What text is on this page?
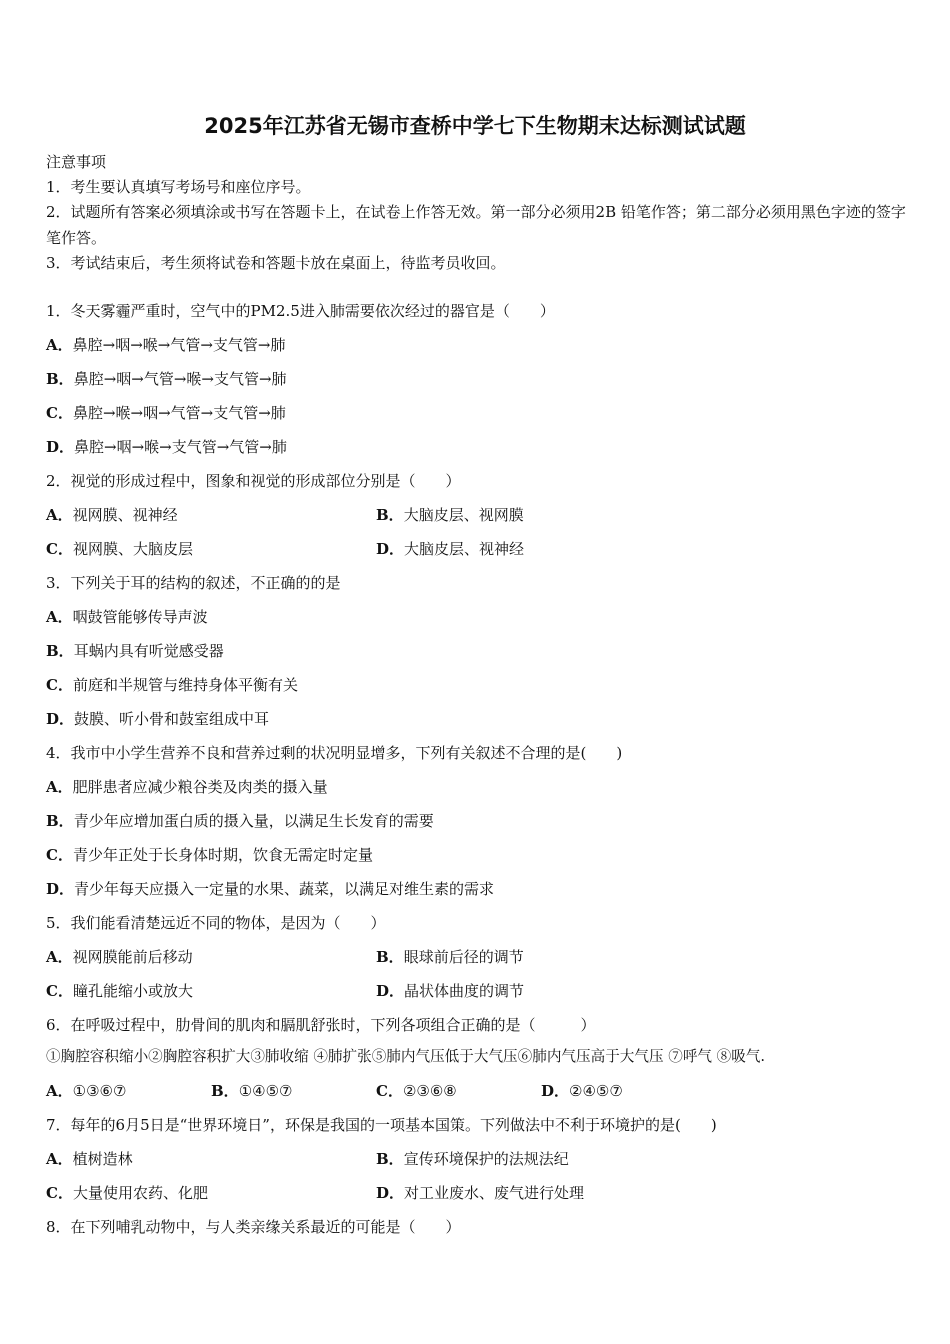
2025年江苏省无锡市查桥中学七下生物期末达标测试试题
注意事项
1．考生要认真填写考场号和座位序号。
2．试题所有答案必须填涂或书写在答题卡上，在试卷上作答无效。第一部分必须用2B 铅笔作答；第二部分必须用黑色字迹的签字笔作答。
3．考试结束后，考生须将试卷和答题卡放在桌面上，待监考员收回。
1．冬天雾霾严重时，空气中的PM2.5进入肺需要依次经过的器官是（　　）
A．鼻腔→咽→喉→气管→支气管→肺
B．鼻腔→咽→气管→喉→支气管→肺
C．鼻腔→喉→咽→气管→支气管→肺
D．鼻腔→咽→喉→支气管→气管→肺
2．视觉的形成过程中，图象和视觉的形成部位分别是（　　）
A．视网膜、视神经	B．大脑皮层、视网膜
C．视网膜、大脑皮层	D．大脑皮层、视神经
3．下列关于耳的结构的叙述，不正确的的是
A．咽鼓管能够传导声波
B．耳蜗内具有听觉感受器
C．前庭和半规管与维持身体平衡有关
D．鼓膜、听小骨和鼓室组成中耳
4．我市中小学生营养不良和营养过剩的状况明显增多，下列有关叙述不合理的是(　　)
A．肥胖患者应减少粮谷类及肉类的摄入量
B．青少年应增加蛋白质的摄入量，以满足生长发育的需要
C．青少年正处于长身体时期，饮食无需定时定量
D．青少年每天应摄入一定量的水果、蔬菜，以满足对维生素的需求
5．我们能看清楚远近不同的物体，是因为（　　）
A．视网膜能前后移动	B．眼球前后径的调节
C．瞳孔能缩小或放大	D．晶状体曲度的调节
6．在呼吸过程中，肋骨间的肌肉和膈肌舒张时，下列各项组合正确的是（　　　）
①胸腔容积缩小②胸腔容积扩大③肺收缩 ④肺扩张⑤肺内气压低于大气压⑥肺内气压高于大气压 ⑦呼气 ⑧吸气.
A．①③⑥⑦	B．①④⑤⑦	C．②③⑥⑧	D．②④⑤⑦
7．每年的6月5日是“世界环境日”，环保是我国的一项基本国策。下列做法中不利于环境护的是(　　)
A．植树造林	B．宣传环境保护的法规法纪
C．大量使用农药、化肥	D．对工业废水、废气进行处理
8．在下列哺乳动物中，与人类亲缘关系最近的可能是（　　）
